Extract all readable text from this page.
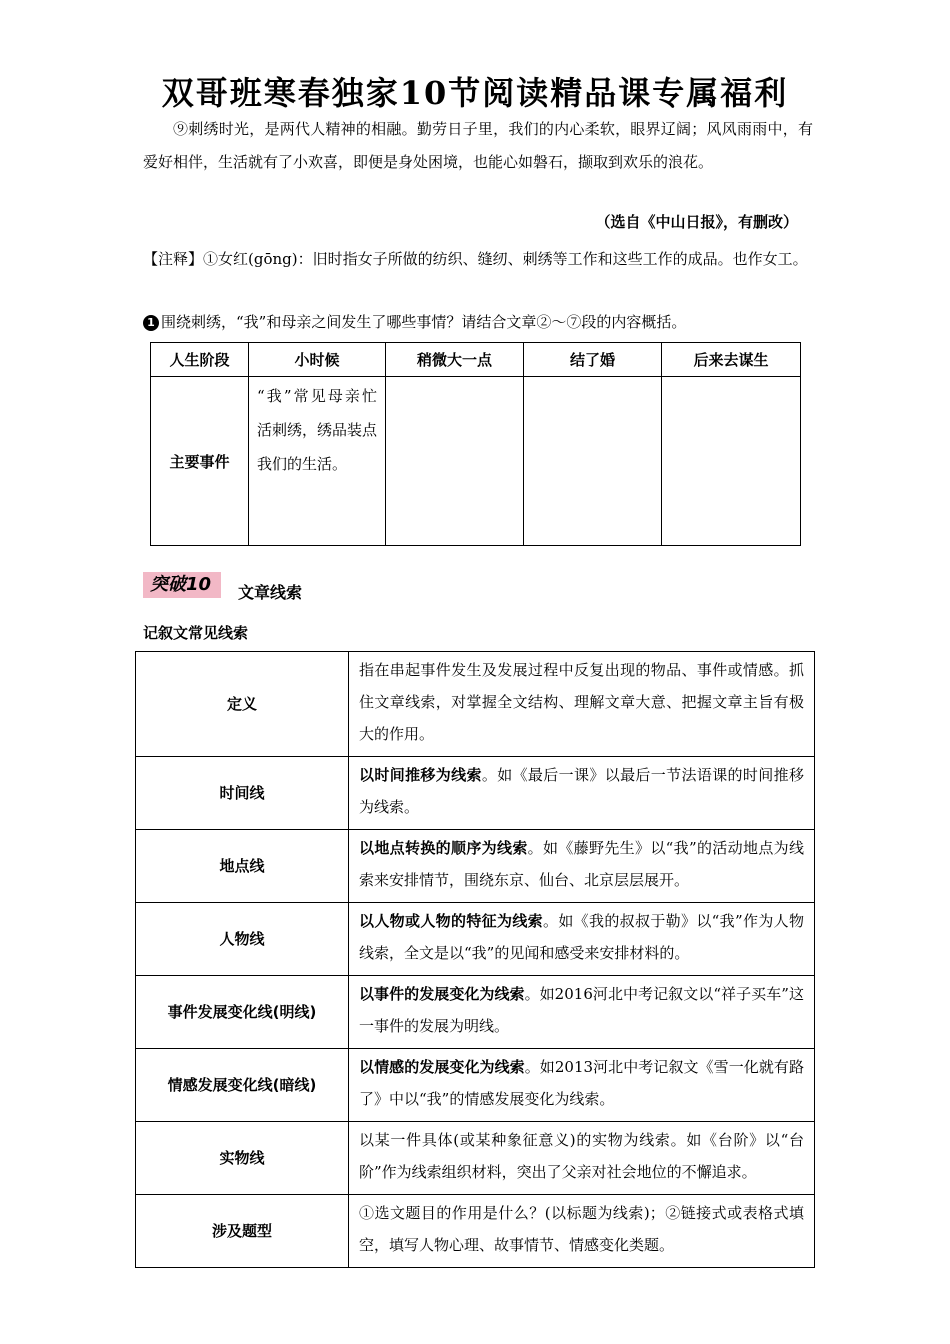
双哥班寒春独家10节阅读精品课专属福利
⑨刺绣时光，是两代人精神的相融。勤劳日子里，我们的内心柔软，眼界辽阔；风风雨雨中，有爱好相伴，生活就有了小欢喜，即便是身处困境，也能心如磐石，撷取到欢乐的浪花。
（选自《中山日报》，有删改）
【注释】①女红(gōng)：旧时指女子所做的纺织、缝纫、刺绣等工作和这些工作的成品。也作女工。
1 围绕刺绣，“我”和母亲之间发生了哪些事情？请结合文章②～⑦段的内容概括。
人生阶段	小时候	稍微大一点	结了婚	后来去谋生
主要事件	“我”常见母亲忙活刺绣，绣品装点我们的生活。			
突破10 文章线索
记叙文常见线索
定义	指在串起事件发生及发展过程中反复出现的物品、事件或情感。抓住文章线索，对掌握全文结构、理解文章大意、把握文章主旨有极大的作用。
时间线	以时间推移为线索。如《最后一课》以最后一节法语课的时间推移为线索。
地点线	以地点转换的顺序为线索。如《藤野先生》以“我”的活动地点为线索来安排情节，围绕东京、仙台、北京层层展开。
人物线	以人物或人物的特征为线索。如《我的叔叔于勒》以“我”作为人物线索，全文是以“我”的见闻和感受来安排材料的。
事件发展变化线(明线)	以事件的发展变化为线索。如2016河北中考记叙文以“祥子买车”这一事件的发展为明线。
情感发展变化线(暗线)	以情感的发展变化为线索。如2013河北中考记叙文《雪一化就有路了》中以“我”的情感发展变化为线索。
实物线	以某一件具体(或某种象征意义)的实物为线索。如《台阶》以“台阶”作为线索组织材料，突出了父亲对社会地位的不懈追求。
涉及题型	①选文题目的作用是什么？(以标题为线索)；②链接式或表格式填空，填写人物心理、故事情节、情感变化类题。
